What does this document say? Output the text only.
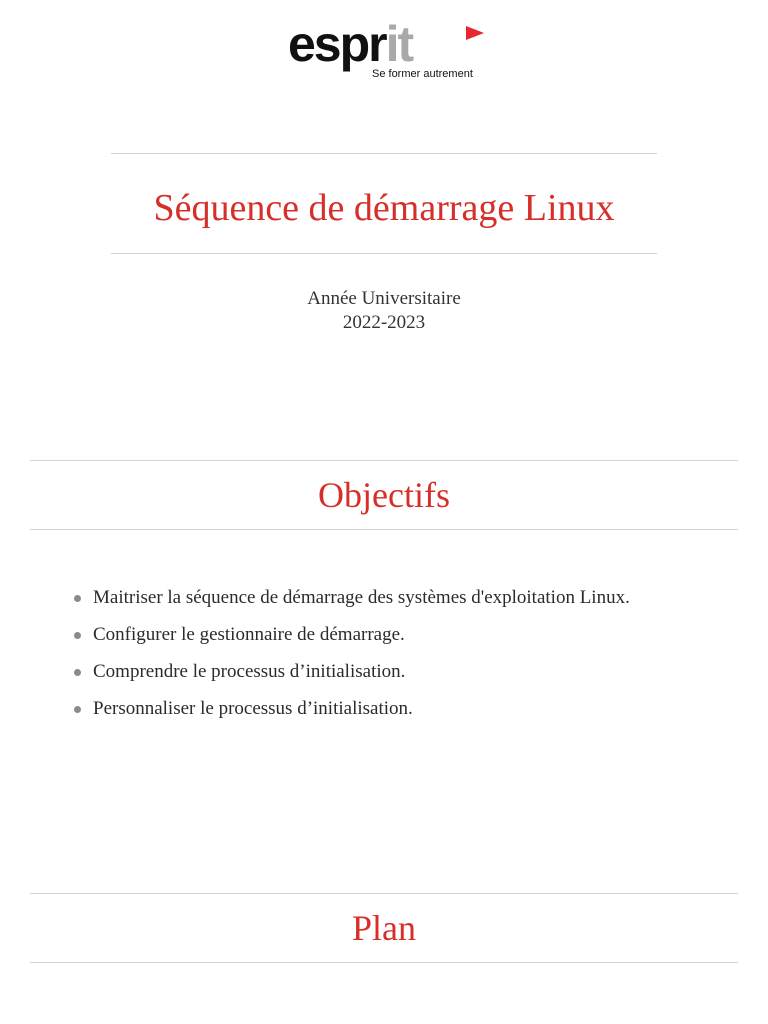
esprit
Se former autrement
Séquence de démarrage Linux
Année Universitaire
2022-2023
Objectifs
Maitriser la séquence de démarrage des systèmes d'exploitation Linux.
Configurer le gestionnaire de démarrage.
Comprendre le processus d’initialisation.
Personnaliser le processus d’initialisation.
Plan
